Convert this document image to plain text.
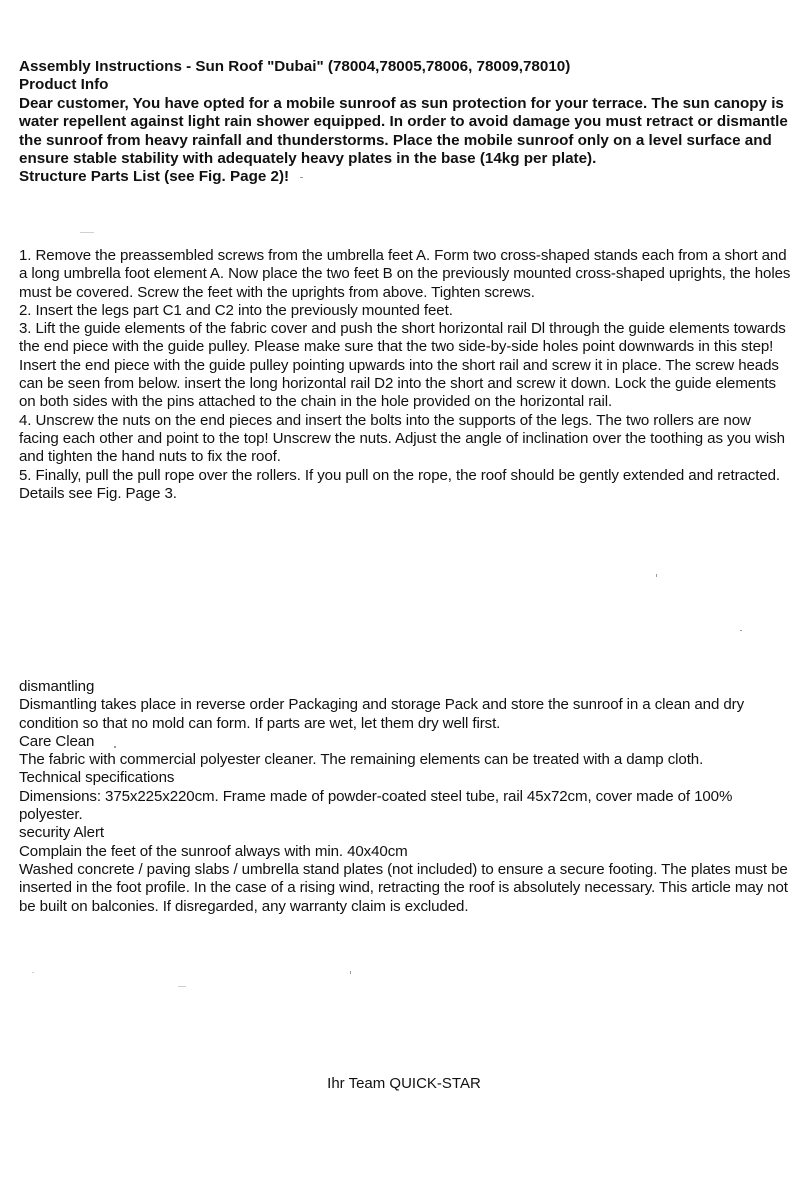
Assembly Instructions - Sun Roof "Dubai" (78004,78005,78006, 78009,78010)
Product Info
Dear customer, You have opted for a mobile sunroof as sun protection for your terrace. The sun canopy is water repellent against light rain shower equipped. In order to avoid damage you must retract or dismantle the sunroof from heavy rainfall and thunderstorms. Place the mobile sunroof only on a level surface and ensure stable stability with adequately heavy plates in the base (14kg per plate).
Structure Parts List (see Fig. Page 2)!
1. Remove the preassembled screws from the umbrella feet A. Form two cross-shaped stands each from a short and a long umbrella foot element A. Now place the two feet B on the previously mounted cross-shaped uprights, the holes must be covered. Screw the feet with the uprights from above. Tighten screws.
2. Insert the legs part C1 and C2 into the previously mounted feet.
3. Lift the guide elements of the fabric cover and push the short horizontal rail Dl through the guide elements towards the end piece with the guide pulley. Please make sure that the two side-by-side holes point downwards in this step! Insert the end piece with the guide pulley pointing upwards into the short rail and screw it in place. The screw heads can be seen from below. insert the long horizontal rail D2 into the short and screw it down. Lock the guide elements on both sides with the pins attached to the chain in the hole provided on the horizontal rail.
4. Unscrew the nuts on the end pieces and insert the bolts into the supports of the legs. The two rollers are now facing each other and point to the top! Unscrew the nuts. Adjust the angle of inclination over the toothing as you wish and tighten the hand nuts to fix the roof.
5. Finally, pull the pull rope over the rollers. If you pull on the rope, the roof should be gently extended and retracted. Details see Fig. Page 3.
dismantling
Dismantling takes place in reverse order Packaging and storage Pack and store the sunroof in a clean and dry condition so that no mold can form. If parts are wet, let them dry well first.
Care Clean
The fabric with commercial polyester cleaner. The remaining elements can be treated with a damp cloth.
Technical specifications
Dimensions: 375x225x220cm. Frame made of powder-coated steel tube, rail 45x72cm, cover made of 100% polyester.
security Alert
Complain the feet of the sunroof always with min. 40x40cm
Washed concrete / paving slabs / umbrella stand plates (not included) to ensure a secure footing. The plates must be inserted in the foot profile. In the case of a rising wind, retracting the roof is absolutely necessary. This article may not be built on balconies. If disregarded, any warranty claim is excluded.
Ihr Team QUICK-STAR
